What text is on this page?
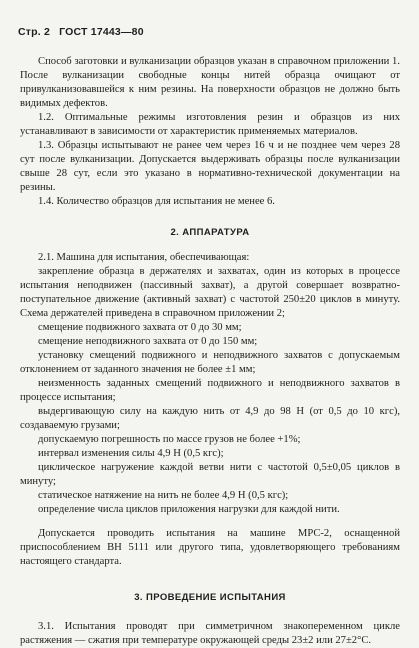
Стр. 2 ГОСТ 17443—80

Способ заготовки и вулканизации образцов указан в справочном приложении 1. После вулканизации свободные концы нитей образца очищают от привулканизовавшейся к ним резины. На поверхности образцов не должно быть видимых дефектов.

1.2. Оптимальные режимы изготовления резин и образцов из них устанавливают в зависимости от характеристик применяемых материалов.

1.3. Образцы испытывают не ранее чем через 16 ч и не позднее чем через 28 сут после вулканизации. Допускается выдерживать образцы после вулканизации свыше 28 сут, если это указано в нормативно-технической документации на резины.

1.4. Количество образцов для испытания не менее 6.

2. АППАРАТУРА

2.1. Машина для испытания, обеспечивающая:

закрепление образца в держателях и захватах, один из которых в процессе испытания неподвижен (пассивный захват), а другой совершает возвратно-поступательное движение (активный захват) с частотой 250±20 циклов в минуту. Схема держателей приведена в справочном приложении 2;

смещение подвижного захвата от 0 до 30 мм;

смещение неподвижного захвата от 0 до 150 мм;

установку смещений подвижного и неподвижного захватов с допускаемым отклонением от заданного значения не более ±1 мм;

неизменность заданных смещений подвижного и неподвижного захватов в процессе испытания;

выдергивающую силу на каждую нить от 4,9 до 98 Н (от 0,5 до 10 кгс), создаваемую грузами;

допускаемую погрешность по массе грузов не более +1%;

интервал изменения силы 4,9 Н (0,5 кгс);

циклическое нагружение каждой ветви нити с частотой 0,5±0,05 циклов в минуту;

статическое натяжение на нить не более 4,9 Н (0,5 кгс);

определение числа циклов приложения нагрузки для каждой нити.

Допускается проводить испытания на машине МРС-2, оснащенной приспособлением ВН 5111 или другого типа, удовлетворяющего требованиям настоящего стандарта.

3. ПРОВЕДЕНИЕ ИСПЫТАНИЯ

3.1. Испытания проводят при симметричном знакопеременном цикле растяжения — сжатия при температуре окружающей среды 23±2 или 27±2°С.
